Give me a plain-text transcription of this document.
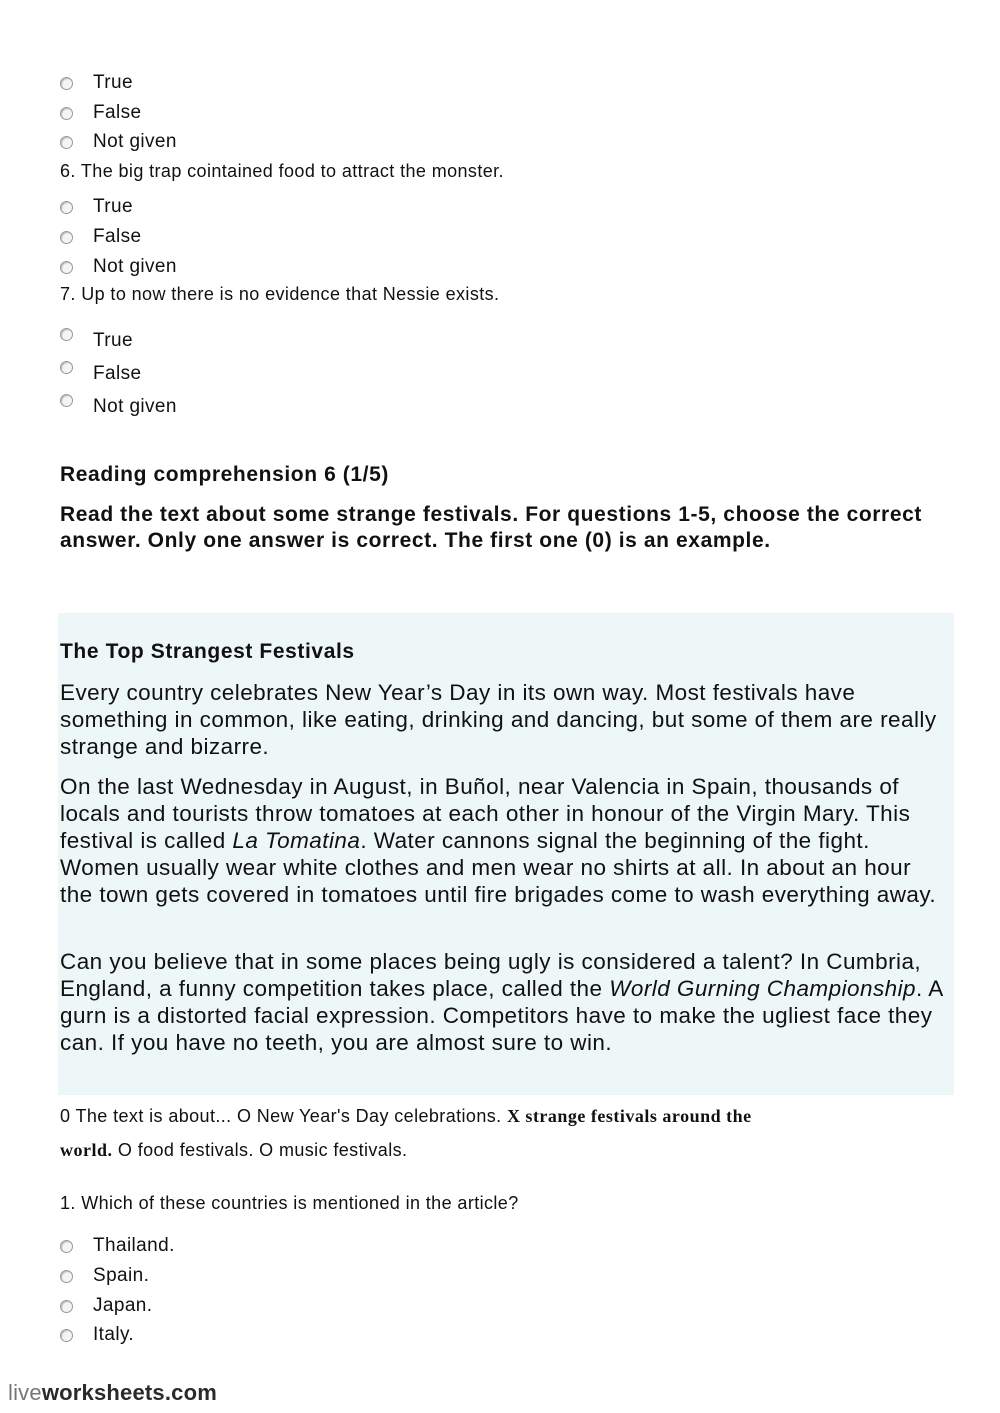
True
False
Not given
6. The big trap cointained food to attract the monster.
True
False
Not given
7. Up to now there is no evidence that Nessie exists.
True
False
Not given
Reading comprehension 6 (1/5)
Read the text about some strange festivals. For questions 1-5, choose the correct answer. Only one answer is correct. The first one (0) is an example.
The Top Strangest Festivals
Every country celebrates New Year’s Day in its own way. Most festivals have something in common, like eating, drinking and dancing, but some of them are really strange and bizarre.
On the last Wednesday in August, in Buñol, near Valencia in Spain, thousands of locals and tourists throw tomatoes at each other in honour of the Virgin Mary. This festival is called La Tomatina. Water cannons signal the beginning of the fight. Women usually wear white clothes and men wear no shirts at all. In about an hour the town gets covered in tomatoes until fire brigades come to wash everything away.
Can you believe that in some places being ugly is considered a talent? In Cumbria, England, a funny competition takes place, called the World Gurning Championship. A gurn is a distorted facial expression. Competitors have to make the ugliest face they can. If you have no teeth, you are almost sure to win.
0 The text is about... O New Year's Day celebrations. X strange festivals around the
world. O food festivals. O music festivals.
1. Which of these countries is mentioned in the article?
Thailand.
Spain.
Japan.
Italy.
liveworksheets.com
